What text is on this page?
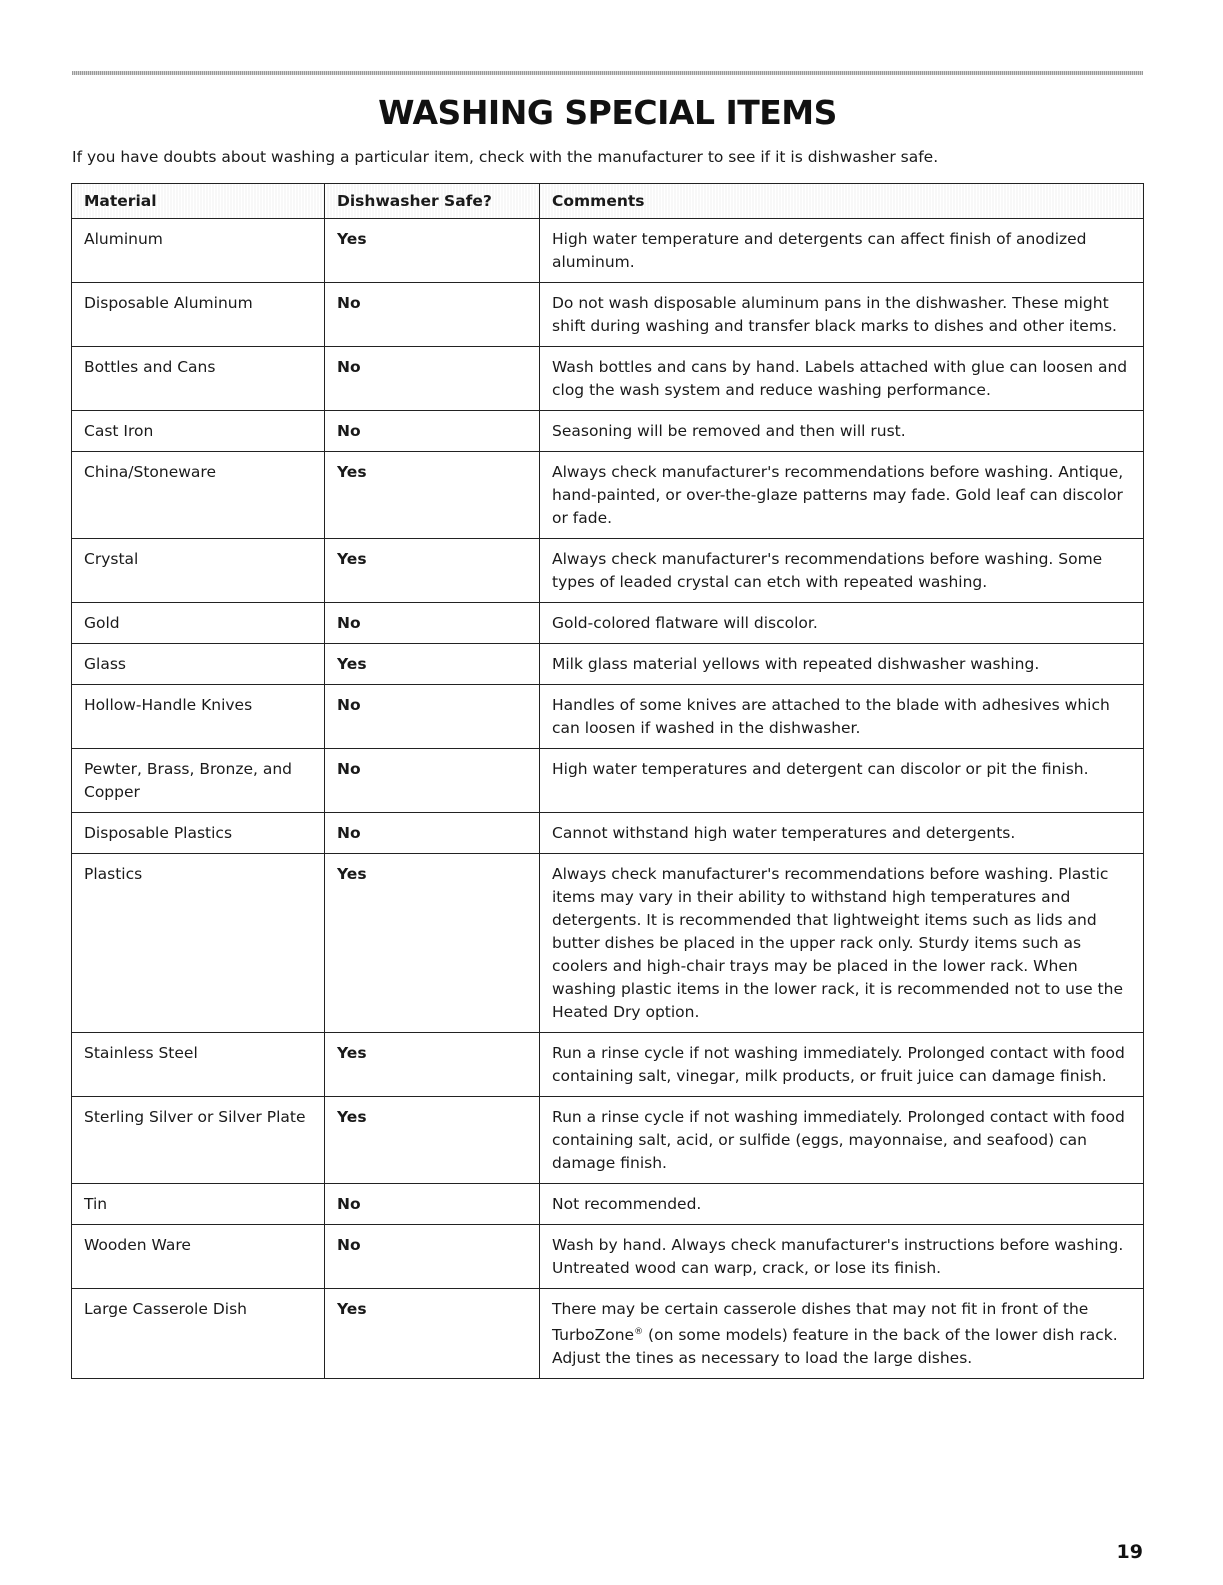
WASHING SPECIAL ITEMS
If you have doubts about washing a particular item, check with the manufacturer to see if it is dishwasher safe.
Material	Dishwasher Safe?	Comments
Aluminum	Yes	High water temperature and detergents can affect finish of anodized aluminum.
Disposable Aluminum	No	Do not wash disposable aluminum pans in the dishwasher. These might shift during washing and transfer black marks to dishes and other items.
Bottles and Cans	No	Wash bottles and cans by hand. Labels attached with glue can loosen and clog the wash system and reduce washing performance.
Cast Iron	No	Seasoning will be removed and then will rust.
China/Stoneware	Yes	Always check manufacturer's recommendations before washing. Antique, hand-painted, or over-the-glaze patterns may fade. Gold leaf can discolor or fade.
Crystal	Yes	Always check manufacturer's recommendations before washing. Some types of leaded crystal can etch with repeated washing.
Gold	No	Gold-colored flatware will discolor.
Glass	Yes	Milk glass material yellows with repeated dishwasher washing.
Hollow-Handle Knives	No	Handles of some knives are attached to the blade with adhesives which can loosen if washed in the dishwasher.
Pewter, Brass, Bronze, and Copper	No	High water temperatures and detergent can discolor or pit the finish.
Disposable Plastics	No	Cannot withstand high water temperatures and detergents.
Plastics	Yes	Always check manufacturer's recommendations before washing. Plastic items may vary in their ability to withstand high temperatures and detergents. It is recommended that lightweight items such as lids and butter dishes be placed in the upper rack only. Sturdy items such as coolers and high-chair trays may be placed in the lower rack. When washing plastic items in the lower rack, it is recommended not to use the Heated Dry option.
Stainless Steel	Yes	Run a rinse cycle if not washing immediately. Prolonged contact with food containing salt, vinegar, milk products, or fruit juice can damage finish.
Sterling Silver or Silver Plate	Yes	Run a rinse cycle if not washing immediately. Prolonged contact with food containing salt, acid, or sulfide (eggs, mayonnaise, and seafood) can damage finish.
Tin	No	Not recommended.
Wooden Ware	No	Wash by hand. Always check manufacturer's instructions before washing. Untreated wood can warp, crack, or lose its finish.
Large Casserole Dish	Yes	There may be certain casserole dishes that may not fit in front of the TurboZone® (on some models) feature in the back of the lower dish rack. Adjust the tines as necessary to load the large dishes.
19
